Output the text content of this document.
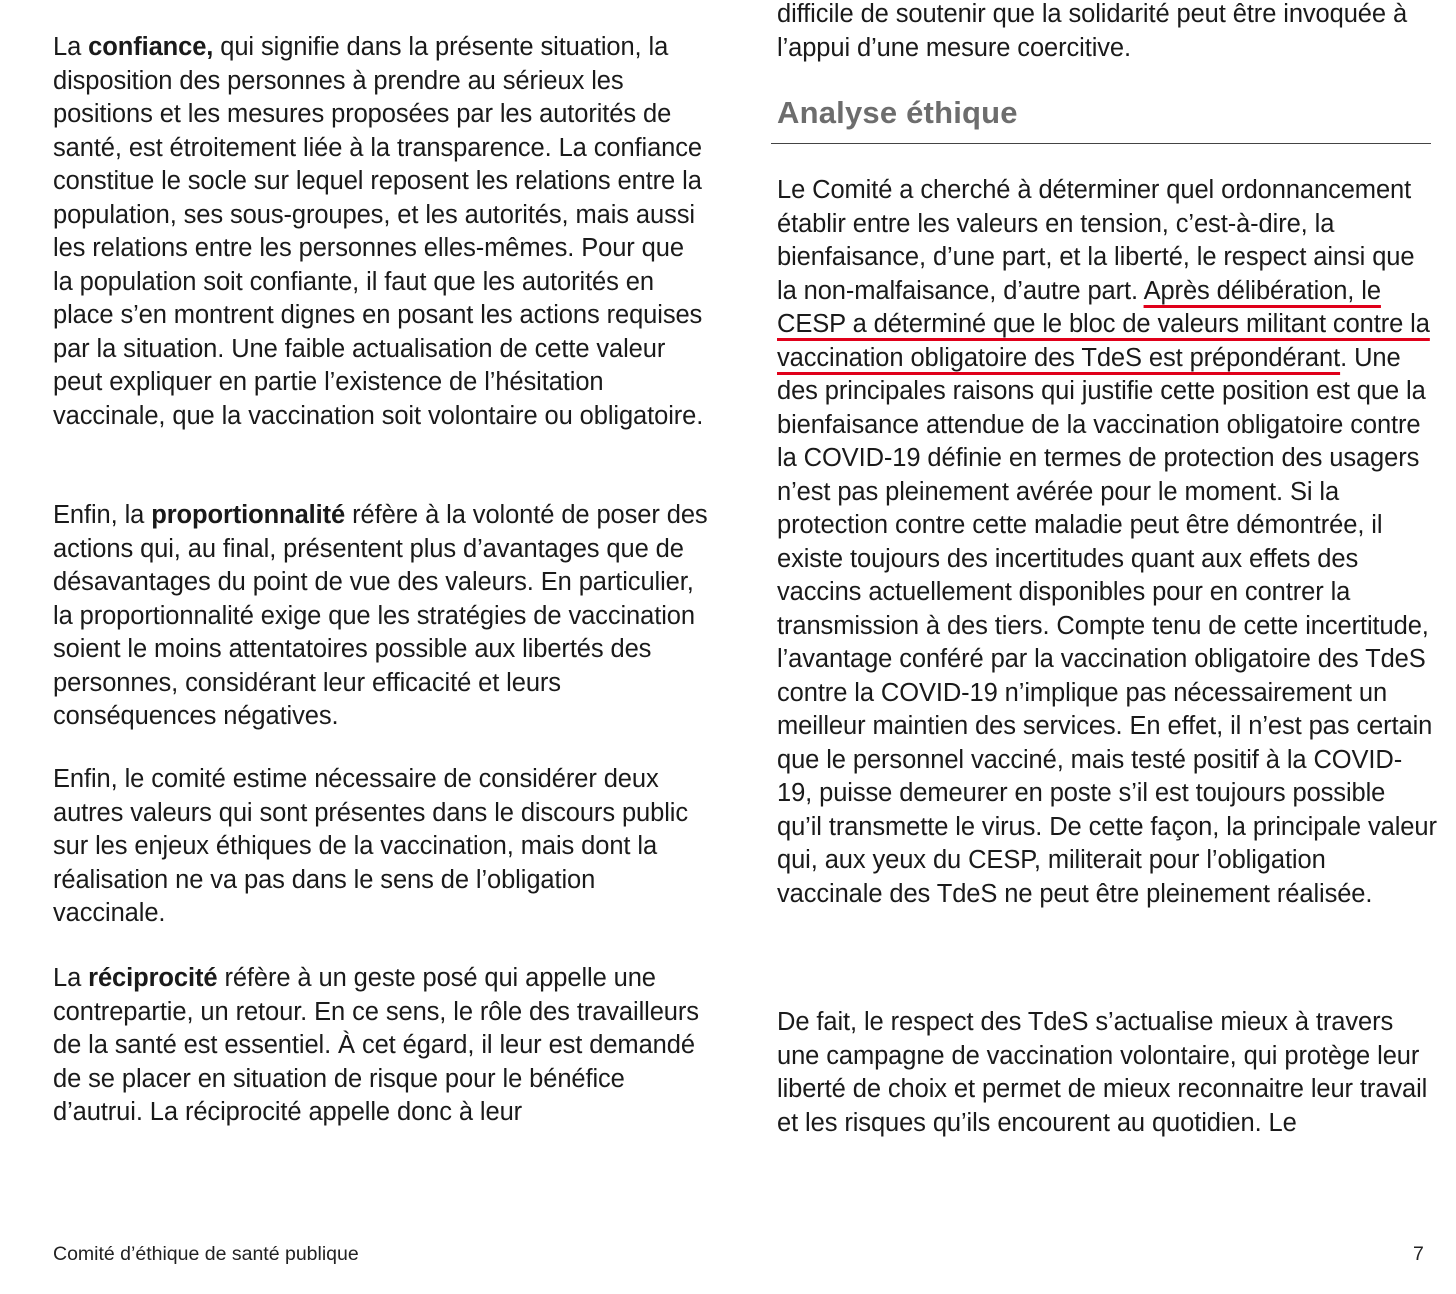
La confiance, qui signifie dans la présente situation, la disposition des personnes à prendre au sérieux les positions et les mesures proposées par les autorités de santé, est étroitement liée à la transparence. La confiance constitue le socle sur lequel reposent les relations entre la population, ses sous-groupes, et les autorités, mais aussi les relations entre les personnes elles-mêmes. Pour que la population soit confiante, il faut que les autorités en place s’en montrent dignes en posant les actions requises par la situation. Une faible actualisation de cette valeur peut expliquer en partie l’existence de l’hésitation vaccinale, que la vaccination soit volontaire ou obligatoire.

Enfin, la proportionnalité réfère à la volonté de poser des actions qui, au final, présentent plus d’avantages que de désavantages du point de vue des valeurs. En particulier, la proportionnalité exige que les stratégies de vaccination soient le moins attentatoires possible aux libertés des personnes, considérant leur efficacité et leurs conséquences négatives.

Enfin, le comité estime nécessaire de considérer deux autres valeurs qui sont présentes dans le discours public sur les enjeux éthiques de la vaccination, mais dont la réalisation ne va pas dans le sens de l’obligation vaccinale.

La réciprocité réfère à un geste posé qui appelle une contrepartie, un retour. En ce sens, le rôle des travailleurs de la santé est essentiel. À cet égard, il leur est demandé de se placer en situation de risque pour le bénéfice d’autrui. La réciprocité appelle donc à leur

difficile de soutenir que la solidarité peut être invoquée à l’appui d’une mesure coercitive.

Analyse éthique

Le Comité a cherché à déterminer quel ordonnancement établir entre les valeurs en tension, c’est-à-dire, la bienfaisance, d’une part, et la liberté, le respect ainsi que la non-malfaisance, d’autre part. Après délibération, le CESP a déterminé que le bloc de valeurs militant contre la vaccination obligatoire des TdeS est prépondérant. Une des principales raisons qui justifie cette position est que la bienfaisance attendue de la vaccination obligatoire contre la COVID-19 définie en termes de protection des usagers n’est pas pleinement avérée pour le moment. Si la protection contre cette maladie peut être démontrée, il existe toujours des incertitudes quant aux effets des vaccins actuellement disponibles pour en contrer la transmission à des tiers. Compte tenu de cette incertitude, l’avantage conféré par la vaccination obligatoire des TdeS contre la COVID-19 n’implique pas nécessairement un meilleur maintien des services. En effet, il n’est pas certain que le personnel vacciné, mais testé positif à la COVID-19, puisse demeurer en poste s’il est toujours possible qu’il transmette le virus. De cette façon, la principale valeur qui, aux yeux du CESP, militerait pour l’obligation vaccinale des TdeS ne peut être pleinement réalisée.

De fait, le respect des TdeS s’actualise mieux à travers une campagne de vaccination volontaire, qui protège leur liberté de choix et permet de mieux reconnaitre leur travail et les risques qu’ils encourent au quotidien. Le

Comité d’éthique de santé publique	7
